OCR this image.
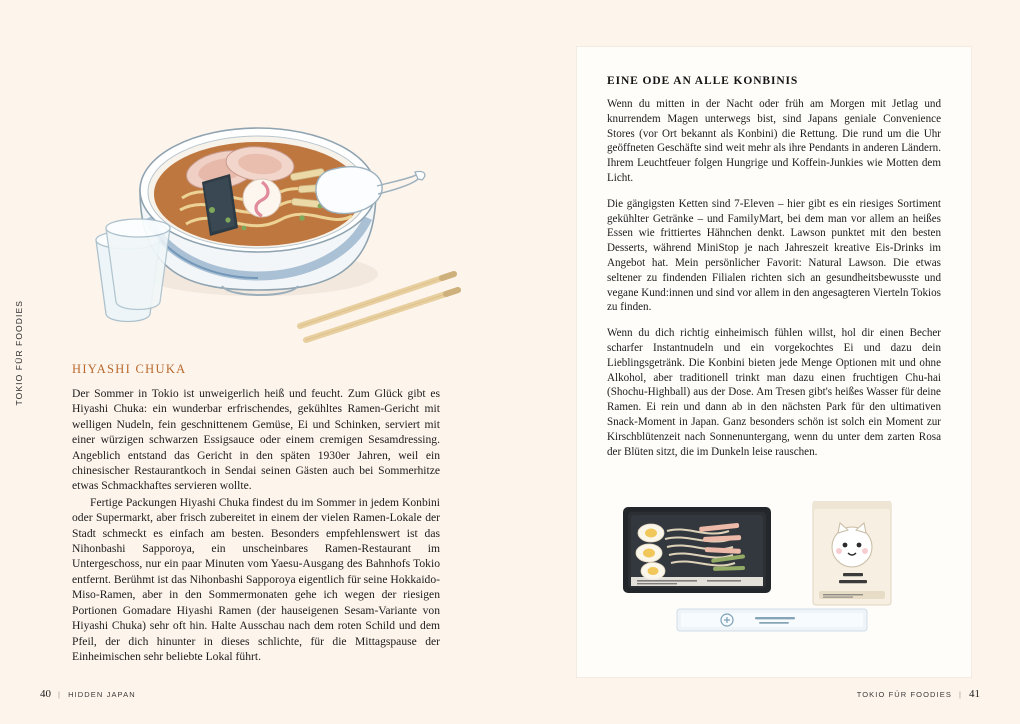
TOKIO FÜR FOODIES	HIYASHI CHUKA

Der Sommer in Tokio ist unweigerlich heiß und feucht. Zum Glück gibt es Hiyashi Chuka: ein wunderbar erfrischendes, gekühltes Ramen-Gericht mit welligen Nudeln, fein geschnittenem Gemüse, Ei und Schinken, serviert mit einer würzigen schwarzen Essigsauce oder einem cremigen Sesamdressing. Angeblich entstand das Gericht in den späten 1930er Jahren, weil ein chinesischer Restaurantkoch in Sendai seinen Gästen auch bei Sommerhitze etwas Schmackhaftes servieren wollte.

Fertige Packungen Hiyashi Chuka findest du im Sommer in jedem Konbini oder Supermarkt, aber frisch zubereitet in einem der vielen Ramen-Lokale der Stadt schmeckt es einfach am besten. Besonders empfehlenswert ist das Nihonbashi Sapporoya, ein unscheinbares Ramen-Restaurant im Untergeschoss, nur ein paar Minuten vom Yaesu-Ausgang des Bahnhofs Tokio entfernt. Berühmt ist das Nihonbashi Sapporoya eigentlich für seine Hokkaido-Miso-Ramen, aber in den Sommermonaten gehe ich wegen der riesigen Portionen Gomadare Hiyashi Ramen (der hauseigenen Sesam-Variante von Hiyashi Chuka) sehr oft hin. Halte Ausschau nach dem roten Schild und dem Pfeil, der dich hinunter in dieses schlichte, für die Mittagspause der Einheimischen sehr beliebte Lokal führt.

40 | HIDDEN JAPAN
EINE ODE AN ALLE KONBINIS

Wenn du mitten in der Nacht oder früh am Morgen mit Jetlag und knurrendem Magen unterwegs bist, sind Japans geniale Convenience Stores (vor Ort bekannt als Konbini) die Rettung. Die rund um die Uhr geöffneten Geschäfte sind weit mehr als ihre Pendants in anderen Ländern. Ihrem Leuchtfeuer folgen Hungrige und Koffein-Junkies wie Motten dem Licht.

Die gängigsten Ketten sind 7-Eleven – hier gibt es ein riesiges Sortiment gekühlter Getränke – und FamilyMart, bei dem man vor allem an heißes Essen wie frittiertes Hähnchen denkt. Lawson punktet mit den besten Desserts, während MiniStop je nach Jahreszeit kreative Eis-Drinks im Angebot hat. Mein persönlicher Favorit: Natural Lawson. Die etwas seltener zu findenden Filialen richten sich an gesundheitsbewusste und vegane Kund:innen und sind vor allem in den angesagteren Vierteln Tokios zu finden.

Wenn du dich richtig einheimisch fühlen willst, hol dir einen Becher scharfer Instantnudeln und ein vorgekochtes Ei und dazu dein Lieblingsgetränk. Die Konbini bieten jede Menge Optionen mit und ohne Alkohol, aber traditionell trinkt man dazu einen fruchtigen Chu-hai (Shochu-Highball) aus der Dose. Am Tresen gibt's heißes Wasser für deine Ramen. Ei rein und dann ab in den nächsten Park für den ultimativen Snack-Moment in Japan. Ganz besonders schön ist solch ein Moment zur Kirschblütenzeit nach Sonnenuntergang, wenn du unter dem zarten Rosa der Blüten sitzt, die im Dunkeln leise rauschen.

TOKIO FÜR FOODIES | 41
